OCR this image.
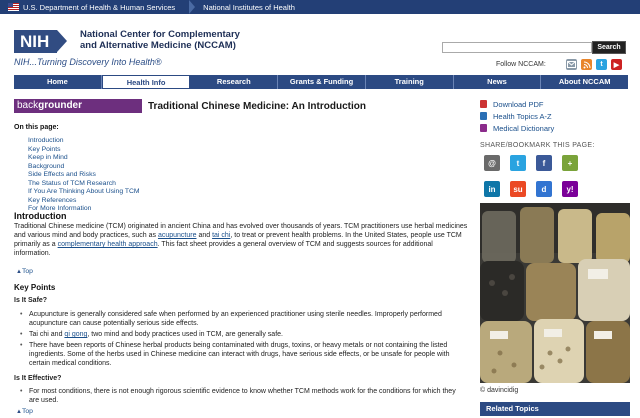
U.S. Department of Health & Human Services	National Institutes of Health
NIH	National Center for Complementary
and Alternative Medicine (NCCAM)
NIH...Turning Discovery Into Health®
Search
Follow NCCAM:	t	▶
Home	Health Info	Research	Grants & Funding	Training	News	About NCCAM
backgrounder	Traditional Chinese Medicine: An Introduction
On this page:
Introduction
Key Points
Keep in Mind
Background
Side Effects and Risks
The Status of TCM Research
If You Are Thinking About Using TCM
Key References
For More Information
Introduction

Traditional Chinese medicine (TCM) originated in ancient China and has evolved over thousands of years. TCM practitioners use herbal medicines and various mind and body practices, such as acupuncture and tai chi, to treat or prevent health problems. In the United States, people use TCM primarily as a complementary health approach. This fact sheet provides a general overview of TCM and suggests sources for additional information.

▲Top
Key Points
Is It Safe?
• Acupuncture is generally considered safe when performed by an experienced practitioner using sterile needles. Improperly performed acupuncture can cause potentially serious side effects.
• Tai chi and qi gong, two mind and body practices used in TCM, are generally safe.
• There have been reports of Chinese herbal products being contaminated with drugs, toxins, or heavy metals or not containing the listed ingredients. Some of the herbs used in Chinese medicine can interact with drugs, have serious side effects, or be unsafe for people with certain medical conditions.
Is It Effective?
• For most conditions, there is not enough rigorous scientific evidence to know whether TCM methods work for the conditions for which they are used.
▲Top
Download PDF
Health Topics A-Z
Medical Dictionary
SHARE/BOOKMARK THIS PAGE:
@	t	f	+
in	su	d	y!
© davincidig
Related Topics
